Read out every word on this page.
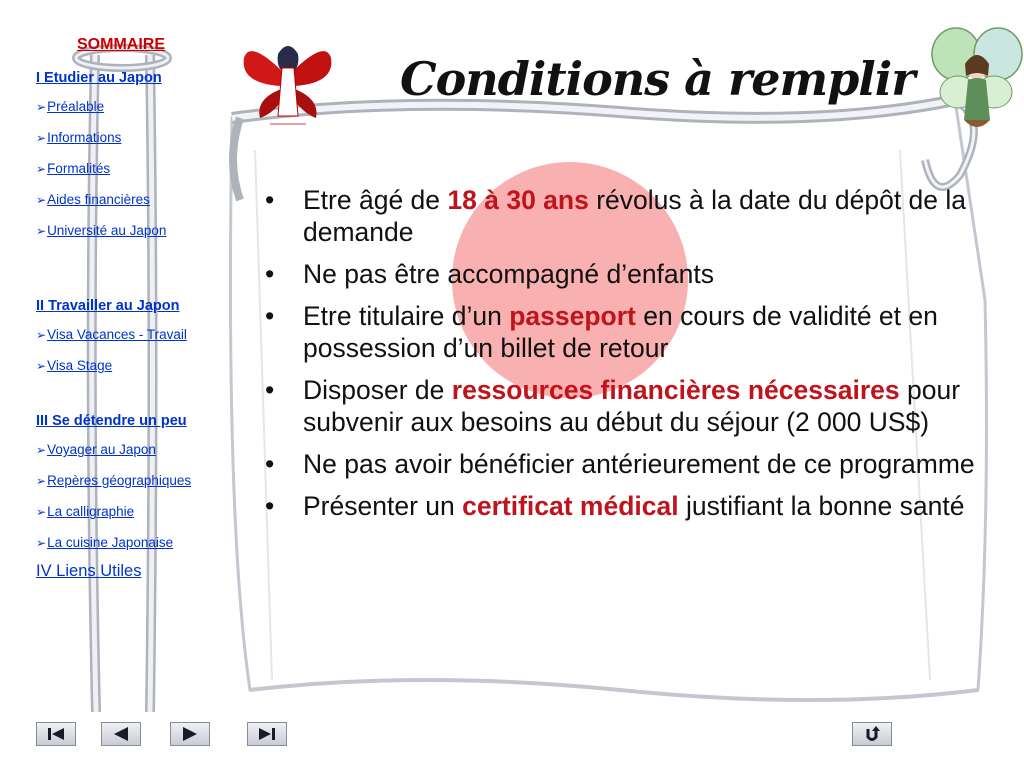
SOMMAIRE
I Etudier au Japon
➢Préalable
➢Informations
➢Formalités
➢Aides financières
➢Université au Japon
II Travailler au Japon
➢Visa Vacances - Travail
➢Visa Stage
III Se détendre un peu
➢Voyager au Japon
➢Repères géographiques
➢La calligraphie
➢La cuisine Japonaise
IV Liens Utiles
Conditions à remplir
• Etre âgé de 18 à 30 ans révolus à la date du dépôt de la demande
• Ne pas être accompagné d’enfants
• Etre titulaire d’un passeport en cours de validité et en possession d’un billet de retour
• Disposer de ressources financières nécessaires pour subvenir aux besoins au début du séjour (2 000 US$)
• Ne pas avoir bénéficier antérieurement de ce programme
• Présenter un certificat médical justifiant la bonne santé
